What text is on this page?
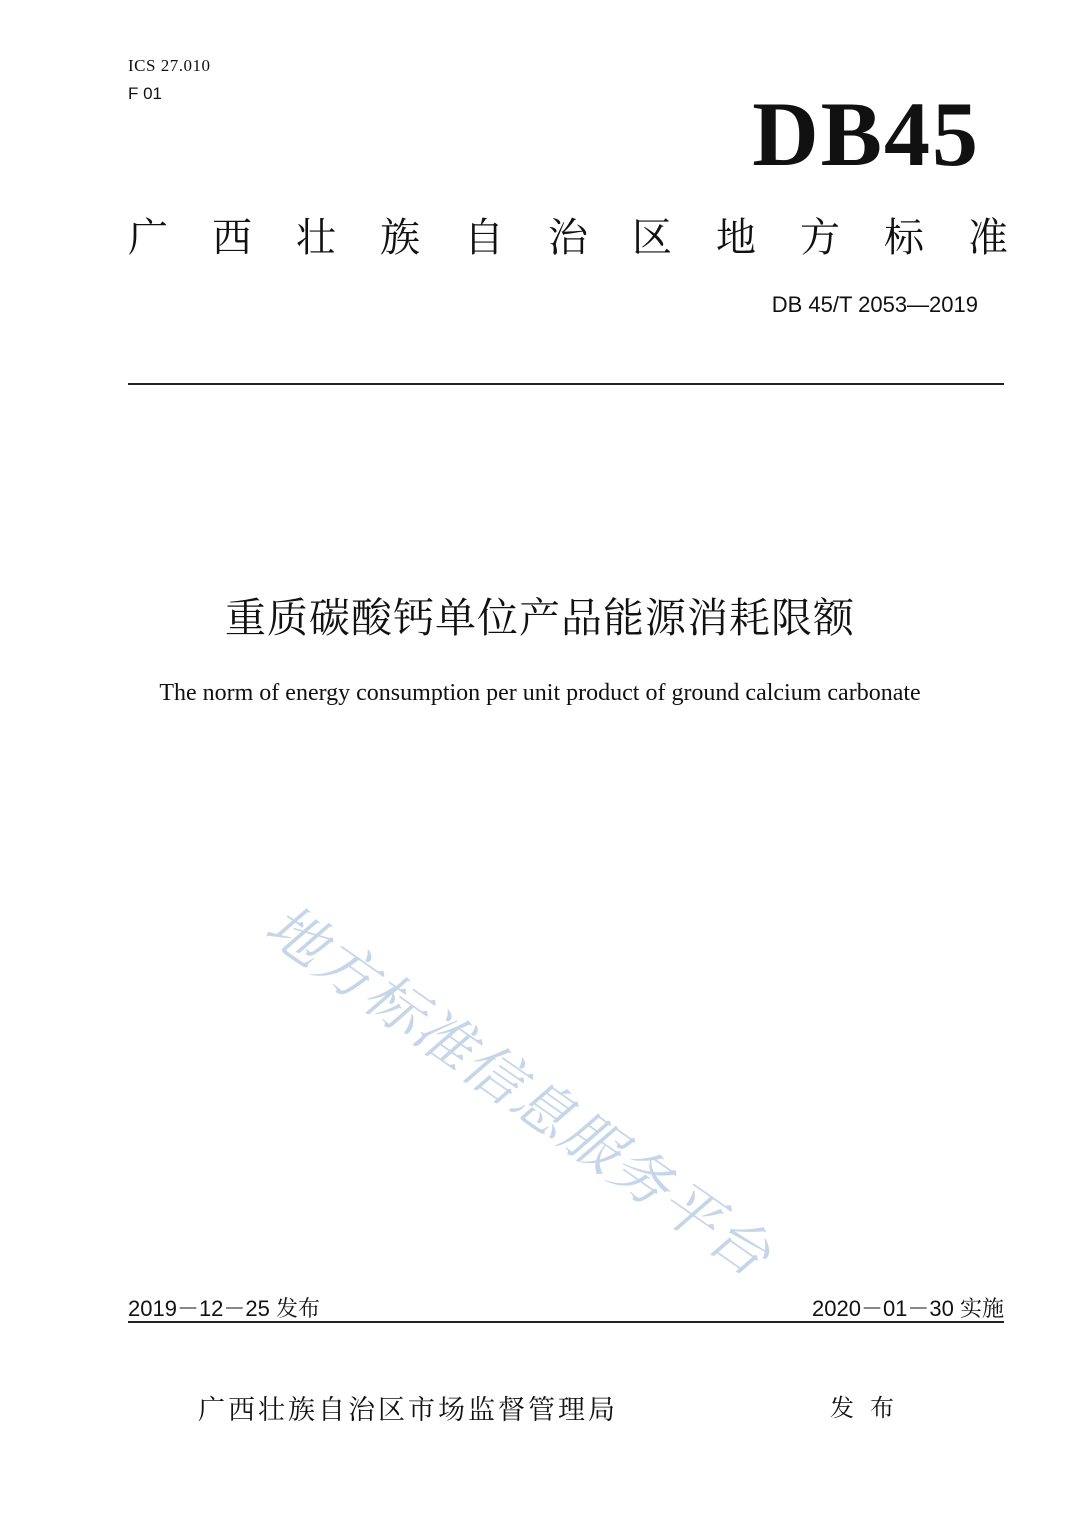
ICS 27.010
F 01	DB45
广 西 壮 族 自 治 区 地 方 标 准
DB 45/T 2053—2019
重质碳酸钙单位产品能源消耗限额
The norm of energy consumption per unit product of ground calcium carbonate
地方标准信息服务平台
2019－12－25 发布	2020－01－30 实施
广西壮族自治区市场监督管理局	发布
